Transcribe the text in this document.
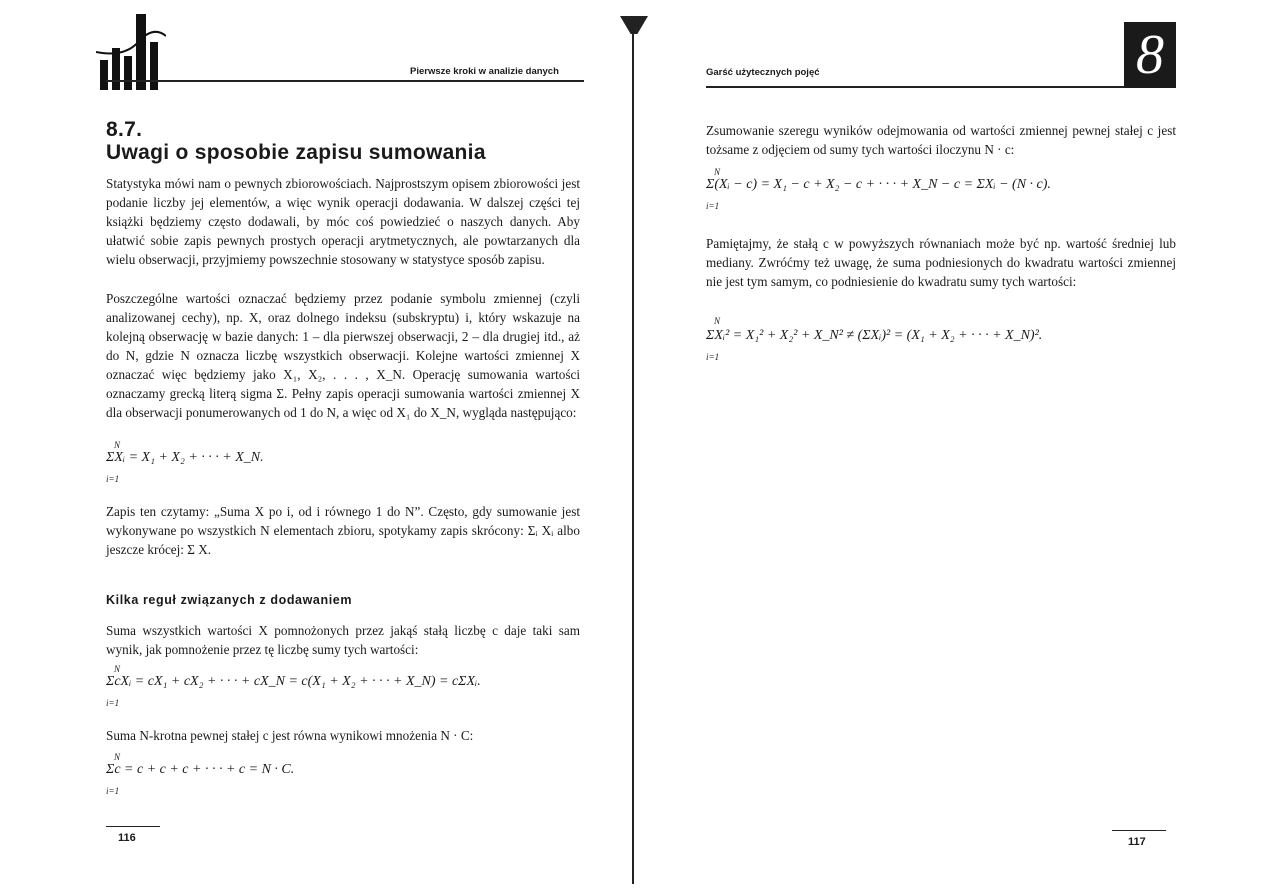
Pierwsze kroki w analizie danych
8.7.
Uwagi o sposobie zapisu sumowania

Statystyka mówi nam o pewnych zbiorowościach. Najprostszym opisem zbiorowości jest podanie liczby jej elementów, a więc wynik operacji dodawania. W dalszej części tej książki będziemy często dodawali, by móc coś powiedzieć o naszych danych. Aby ułatwić sobie zapis pewnych prostych operacji arytmetycznych, ale powtarzanych dla wielu obserwacji, przyjmiemy powszechnie stosowany w statystyce sposób zapisu.

Poszczególne wartości oznaczać będziemy przez podanie symbolu zmiennej (czyli analizowanej cechy), np. X, oraz dolnego indeksu (subskryptu) i, który wskazuje na kolejną obserwację w bazie danych: 1 – dla pierwszej obserwacji, 2 – dla drugiej itd., aż do N, gdzie N oznacza liczbę wszystkich obserwacji. Kolejne wartości zmiennej X oznaczać więc będziemy jako X₁, X₂, . . . , X_N. Operację sumowania wartości oznaczamy grecką literą sigma Σ. Pełny zapis operacji sumowania wartości zmiennej X dla obserwacji ponumerowanych od 1 do N, a więc od X₁ do X_N, wygląda następująco:

N
ΣXᵢ = X₁ + X₂ + · · · + X_N.
i=1

Zapis ten czytamy: „Suma X po i, od i równego 1 do N”. Często, gdy sumowanie jest wykonywane po wszystkich N elementach zbioru, spotykamy zapis skrócony: Σᵢ Xᵢ albo jeszcze krócej: Σ X.

Kilka reguł związanych z dodawaniem

Suma wszystkich wartości X pomnożonych przez jakąś stałą liczbę c daje taki sam wynik, jak pomnożenie przez tę liczbę sumy tych wartości:

N
ΣcXᵢ = cX₁ + cX₂ + · · · + cX_N = c(X₁ + X₂ + · · · + X_N) = cΣXᵢ.
i=1

Suma N-krotna pewnej stałej c jest równa wynikowi mnożenia N · C:

N
Σc = c + c + c + · · · + c = N · C.
i=1
116
Garść użytecznych pojęć	8

Zsumowanie szeregu wyników odejmowania od wartości zmiennej pewnej stałej c jest tożsame z odjęciem od sumy tych wartości iloczynu N · c:

N
Σ(Xᵢ − c) = X₁ − c + X₂ − c + · · · + X_N − c = ΣXᵢ − (N · c).
i=1

Pamiętajmy, że stałą c w powyższych równaniach może być np. wartość średniej lub mediany. Zwróćmy też uwagę, że suma podniesionych do kwadratu wartości zmiennej nie jest tym samym, co podniesienie do kwadratu sumy tych wartości:

N
ΣXᵢ² = X₁² + X₂² + X_N² ≠ (ΣXᵢ)² = (X₁ + X₂ + · · · + X_N)².
i=1
117
